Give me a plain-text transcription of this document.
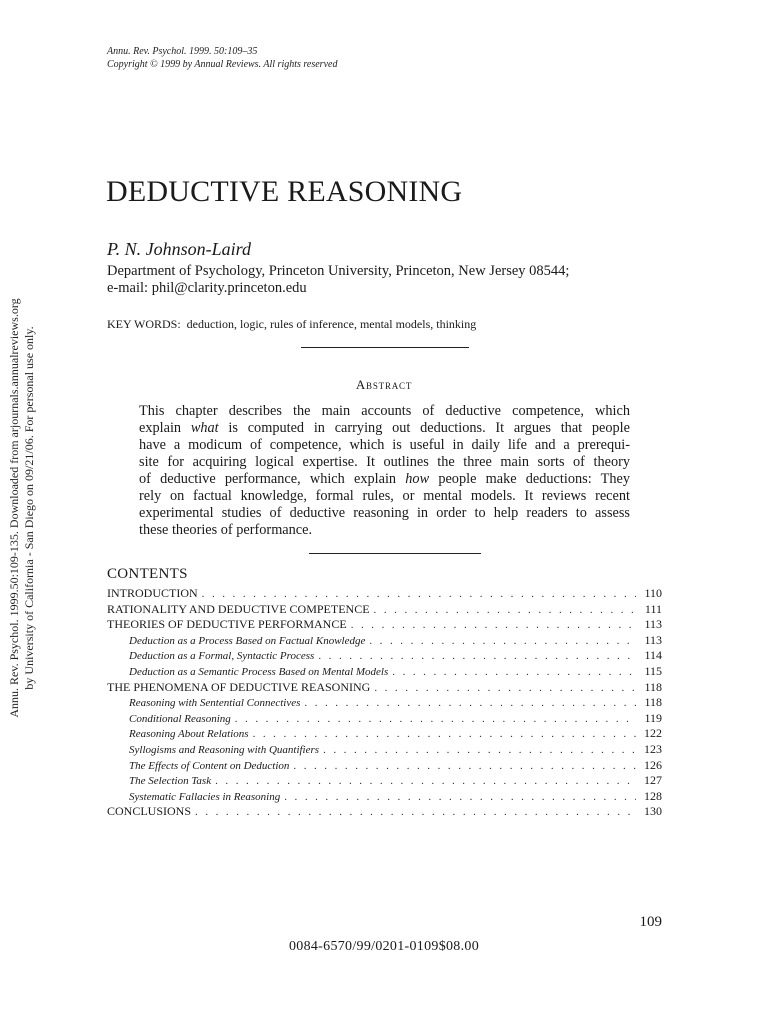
Annu. Rev. Psychol. 1999.50:109-135. Downloaded from arjournals.annualreviews.org by University of California - San Diego on 09/21/06. For personal use only.
Annu. Rev. Psychol. 1999. 50:109–35
Copyright © 1999 by Annual Reviews. All rights reserved
DEDUCTIVE REASONING
P. N. Johnson-Laird
Department of Psychology, Princeton University, Princeton, New Jersey 08544;
e-mail: phil@clarity.princeton.edu
KEY WORDS: deduction, logic, rules of inference, mental models, thinking
Abstract
This chapter describes the main accounts of deductive competence, which
explain what is computed in carrying out deductions. It argues that people
have a modicum of competence, which is useful in daily life and a prerequi-
site for acquiring logical expertise. It outlines the three main sorts of theory
of deductive performance, which explain how people make deductions: They
rely on factual knowledge, formal rules, or mental models. It reviews recent
experimental studies of deductive reasoning in order to help readers to assess
these theories of performance.
CONTENTS
INTRODUCTION . . .	110
RATIONALITY AND DEDUCTIVE COMPETENCE . . .	111
THEORIES OF DEDUCTIVE PERFORMANCE . . .	113
Deduction as a Process Based on Factual Knowledge . . .	113
Deduction as a Formal, Syntactic Process . . .	114
Deduction as a Semantic Process Based on Mental Models . . .	115
THE PHENOMENA OF DEDUCTIVE REASONING . . .	118
Reasoning with Sentential Connectives . . .	118
Conditional Reasoning . . .	119
Reasoning About Relations . . .	122
Syllogisms and Reasoning with Quantifiers . . .	123
The Effects of Content on Deduction . . .	126
The Selection Task . . .	127
Systematic Fallacies in Reasoning . . .	128
CONCLUSIONS . . .	130
109
0084-6570/99/0201-0109$08.00
